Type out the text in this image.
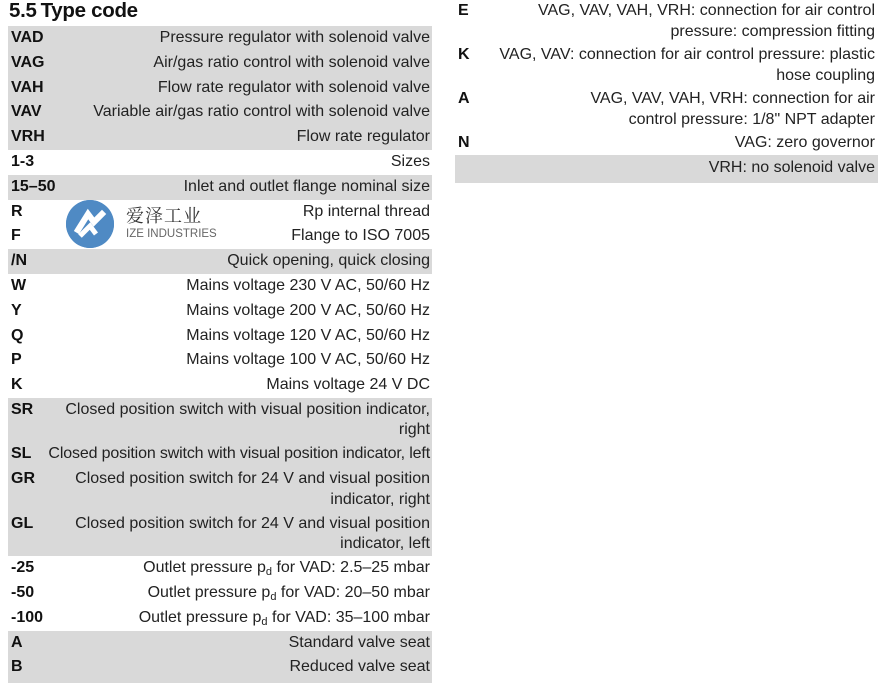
5.5 Type code
VAD	Pressure regulator with solenoid valve
VAG	Air/gas ratio control with solenoid valve
VAH	Flow rate regulator with solenoid valve
VAV	Variable air/gas ratio control with solenoid valve
VRH	Flow rate regulator
1-3	Sizes
15–50	Inlet and outlet flange nominal size
R	Rp internal thread
F	Flange to ISO 7005
/N	Quick opening, quick closing
W	Mains voltage 230 V AC, 50/60 Hz
Y	Mains voltage 200 V AC, 50/60 Hz
Q	Mains voltage 120 V AC, 50/60 Hz
P	Mains voltage 100 V AC, 50/60 Hz
K	Mains voltage 24 V DC
SR	Closed position switch with visual position indicator, right
SL	Closed position switch with visual position indicator, left
GR	Closed position switch for 24 V and visual position indicator, right
GL	Closed position switch for 24 V and visual position indicator, left
-25	Outlet pressure $p_d$ for VAD: 2.5–25 mbar
-50	Outlet pressure $p_d$ for VAD: 20–50 mbar
-100	Outlet pressure $p_d$ for VAD: 35–100 mbar
A	Standard valve seat
B	Reduced valve seat
爱泽工业
IZE INDUSTRIES
E	VAG, VAV, VAH, VRH: connection for air control pressure: compression fitting
K VAG, VAV: connection for air control pressure: plastic hose coupling
A	VAG, VAV, VAH, VRH: connection for air control pressure: 1/8" NPT adapter
N	VAG: zero governor
VRH: no solenoid valve
